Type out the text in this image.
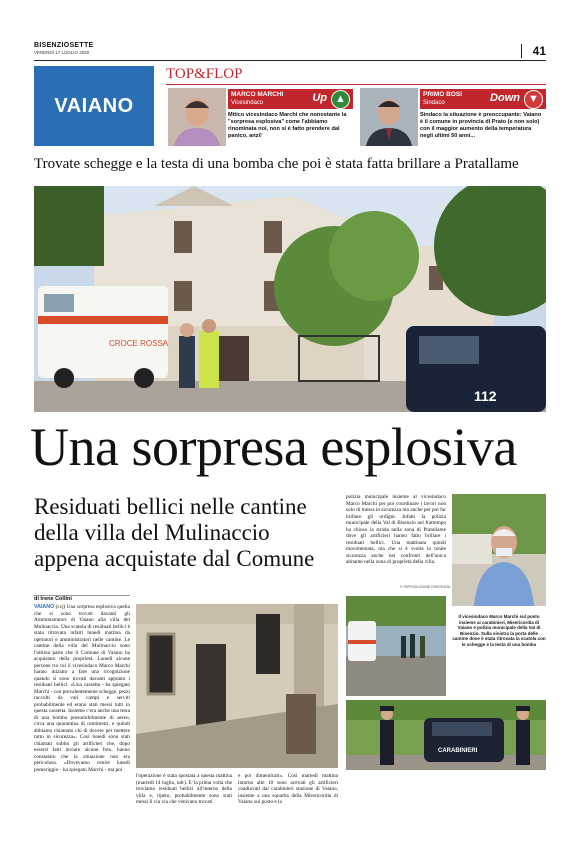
BISENZIOSETTE
VENERDÌ 17 LUGLIO 2020	41
VAIANO
TOP&FLOP
MARCO MARCHI
Vicesindaco	Up ▲
Mitico vicesindaco Marchi che nonostante la "sorpresa esplosiva" come l'abbiamo rinominata noi, non si è fatto prendere dal panico, anzi!
PRIMO BOSI
Sindaco	Down ▼
Sindaco la situazione è preoccupante: Vaiano è il comune in provincia di Prato (e non solo) con il maggior aumento della temperatura negli ultimi 50 anni...
Trovate schegge e la testa di una bomba che poi è stata fatta brillare a Pratallame
CROCE ROSSA
112
Una sorpresa esplosiva
Residuati bellici nelle cantine della villa del Mulinaccio appena acquistate dal Comune
di Irene Collini
VAIANO (ccj) Una sorpresa esplosiva quella che si sono trovati davanti gli Amministratori di Vaiano alla villa del Mulinaccio. Una scatola di residuati bellici è stata ritrovata infatti lunedì mattina da operatori e amministratori nelle cantine. Le cantine della villa del Mulinaccio sono l'ultima parte che il Comune di Vaiano ha acquistato della proprietà. Lunedì alcune persone tra cui il vicesindaco Marco Marchi hanno iniziato a fare una ricognizione quando si sono trovati davanti appunto i residuati bellici. «Una cassetta - ha spiegato Marchi - con prevalentemente schegge, pezzi raccolti da vari campi e serviti probabilmente ed erano stati messi tutti in questa cassetta. Insieme c'era anche una testa di una bomba presumibilmente di aereo, circa una quarantina di centimetri, e quindi abbiamo chiamato chi di dovere per mettere tutto in sicurezza». Così lunedì sono stati chiamati subito gli artificieri che, dopo essersi fatti inviare alcune foto, hanno constatato che la situazione non era pericolosa. «Dovevamo venire lunedì pomeriggio - ha spiegato Marchi - ma poi
l'operazione è stata spostata a questa mattina (martedì 14 luglio, ndr). E' la prima volta che troviamo residuati bellici all'interno della villa e, ripeto, probabilmente sono stati messi lì via via che venivano trovati
e poi dimenticati». Così martedì mattina intorno alle 10 sono arrivati gli artificieri coadiuvati dai carabinieri stazione di Vaiano, insieme a una squadra della Misericordia di Vaiano sul posto e la
polizia municipale insieme al vicesindaco Marco Marchi per poi coordinare i lavori non solo di messa in sicurezza ma anche per poi far brillare gli ordigni. Infatti la polizia municipale della Val di Bisenzio nel frattempo ha chiuso la strada nella zona di Pratallame dove gli artificieri hanno fatto brillare i residuati bellici. Una mattinata quindi movimentata, ma che si è svolta in totale sicurezza anche nei confronti dell'unica abitante nella zona di proprietà della villa.
© RIPRODUZIONE RISERVATA
Il vicesindaco Marco Marchi sul posto insieme ai carabinieri, Misericordia di Vaiano e polizia municipale della Val di Bisenzio. Sulla sinistra la porta delle cantine dove è stata ritrovata la scatola con le schegge e la testa di una bomba
CARABINIERI
